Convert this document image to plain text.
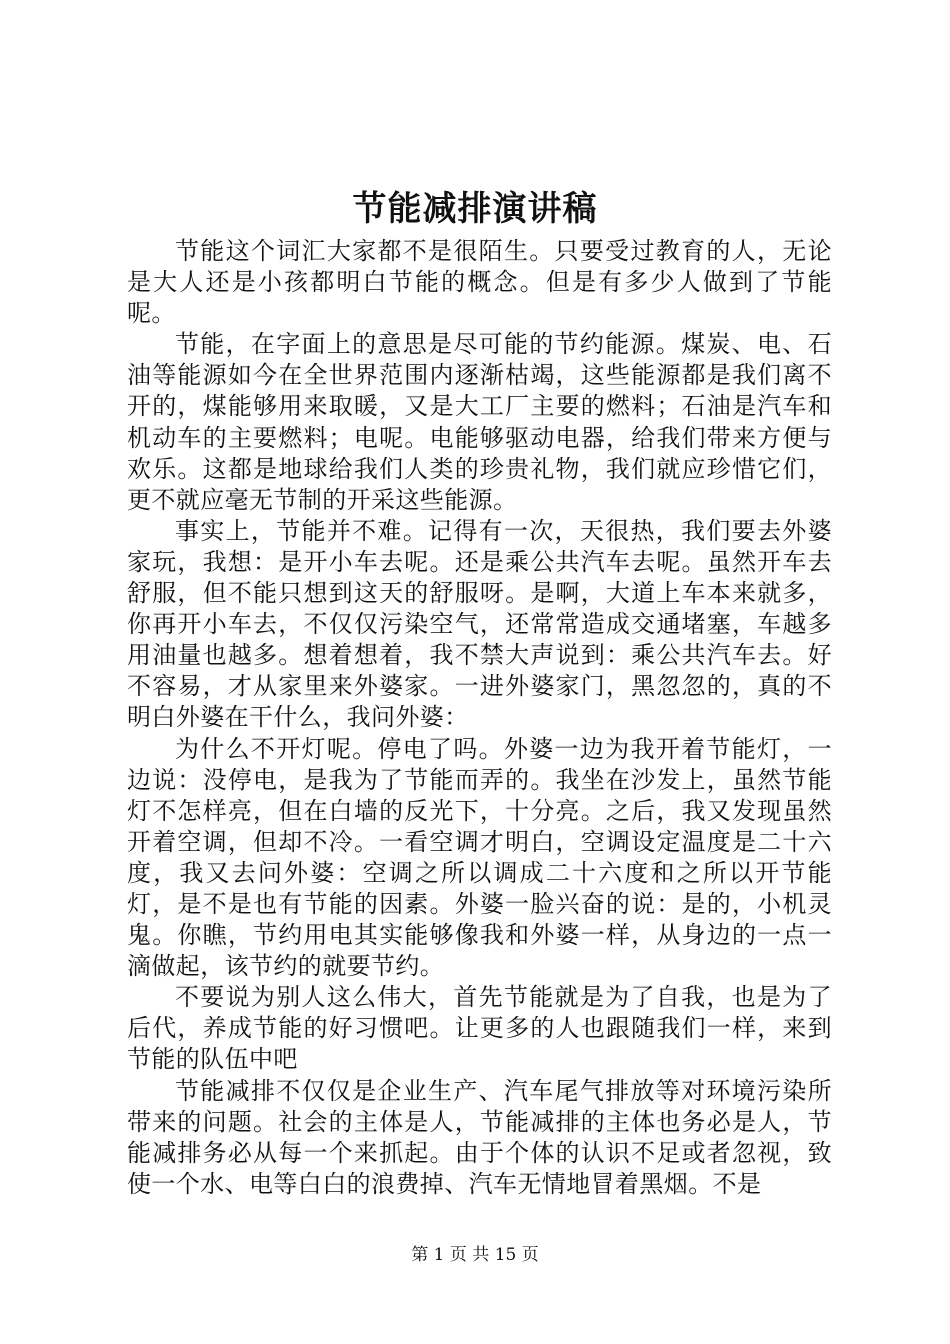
节能减排演讲稿

节能这个词汇大家都不是很陌生。只要受过教育的人，无论是大人还是小孩都明白节能的概念。但是有多少人做到了节能呢。

节能，在字面上的意思是尽可能的节约能源。煤炭、电、石油等能源如今在全世界范围内逐渐枯竭，这些能源都是我们离不开的，煤能够用来取暖，又是大工厂主要的燃料；石油是汽车和机动车的主要燃料；电呢。电能够驱动电器，给我们带来方便与欢乐。这都是地球给我们人类的珍贵礼物，我们就应珍惜它们，更不就应毫无节制的开采这些能源。

事实上，节能并不难。记得有一次，天很热，我们要去外婆家玩，我想：是开小车去呢。还是乘公共汽车去呢。虽然开车去舒服，但不能只想到这天的舒服呀。是啊，大道上车本来就多，你再开小车去，不仅仅污染空气，还常常造成交通堵塞，车越多用油量也越多。想着想着，我不禁大声说到：乘公共汽车去。好不容易，才从家里来外婆家。一进外婆家门，黑忽忽的，真的不明白外婆在干什么，我问外婆：

为什么不开灯呢。停电了吗。外婆一边为我开着节能灯，一边说：没停电，是我为了节能而弄的。我坐在沙发上，虽然节能灯不怎样亮，但在白墙的反光下，十分亮。之后，我又发现虽然开着空调，但却不冷。一看空调才明白，空调设定温度是二十六度，我又去问外婆：空调之所以调成二十六度和之所以开节能灯，是不是也有节能的因素。外婆一脸兴奋的说：是的，小机灵鬼。你瞧，节约用电其实能够像我和外婆一样，从身边的一点一滴做起，该节约的就要节约。

不要说为别人这么伟大，首先节能就是为了自我，也是为了后代，养成节能的好习惯吧。让更多的人也跟随我们一样，来到节能的队伍中吧

节能减排不仅仅是企业生产、汽车尾气排放等对环境污染所带来的问题。社会的主体是人，节能减排的主体也务必是人，节能减排务必从每一个来抓起。由于个体的认识不足或者忽视，致使一个水、电等白白的浪费掉、汽车无情地冒着黑烟。不是

第 1 页 共 15 页
